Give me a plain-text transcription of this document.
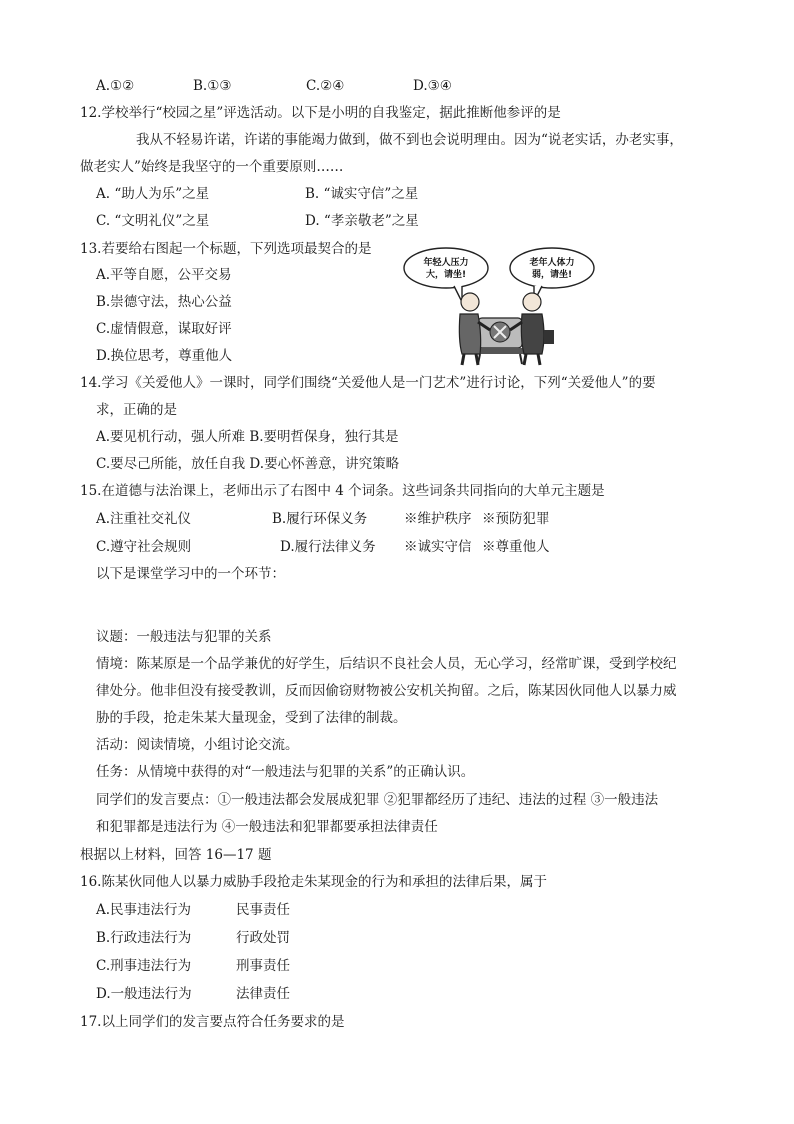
A.①②	B.①③	C.②④	D.③④
12.学校举行“校园之星”评选活动。以下是小明的自我鉴定，据此推断他参评的是
我从不轻易许诺，许诺的事能竭力做到，做不到也会说明理由。因为“说老实话，办老实事，
做老实人”始终是我坚守的一个重要原则……
A. “助人为乐”之星	B. “诚实守信”之星
C. “文明礼仪”之星	D. “孝亲敬老”之星
13.若要给右图起一个标题，下列选项最契合的是
A.平等自愿，公平交易
B.崇德守法，热心公益
C.虚情假意，谋取好评
D.换位思考，尊重他人
年轻人压力
大，请坐!
老年人体力
弱，请坐!
14.学习《关爱他人》一课时，同学们围绕“关爱他人是一门艺术”进行讨论，下列“关爱他人”的要
求，正确的是
A.要见机行动，强人所难 B.要明哲保身，独行其是
C.要尽己所能，放任自我 D.要心怀善意，讲究策略
15.在道德与法治课上，老师出示了右图中 4 个词条。这些词条共同指向的大单元主题是
A.注重社交礼仪	B.履行环保义务	※维护秩序 ※预防犯罪
C.遵守社会规则	D.履行法律义务 ※诚实守信 ※尊重他人
以下是课堂学习中的一个环节：
议题：一般违法与犯罪的关系
情境：陈某原是一个品学兼优的好学生，后结识不良社会人员，无心学习，经常旷课，受到学校纪
律处分。他非但没有接受教训，反而因偷窃财物被公安机关拘留。之后，陈某因伙同他人以暴力威
胁的手段，抢走朱某大量现金，受到了法律的制裁。
活动：阅读情境，小组讨论交流。
任务：从情境中获得的对“一般违法与犯罪的关系”的正确认识。
同学们的发言要点：①一般违法都会发展成犯罪 ②犯罪都经历了违纪、违法的过程 ③一般违法
和犯罪都是违法行为 ④一般违法和犯罪都要承担法律责任
根据以上材料，回答 16—17 题
16.陈某伙同他人以暴力威胁手段抢走朱某现金的行为和承担的法律后果，属于
A.民事违法行为	民事责任
B.行政违法行为	行政处罚
C.刑事违法行为	刑事责任
D.一般违法行为	法律责任
17.以上同学们的发言要点符合任务要求的是
